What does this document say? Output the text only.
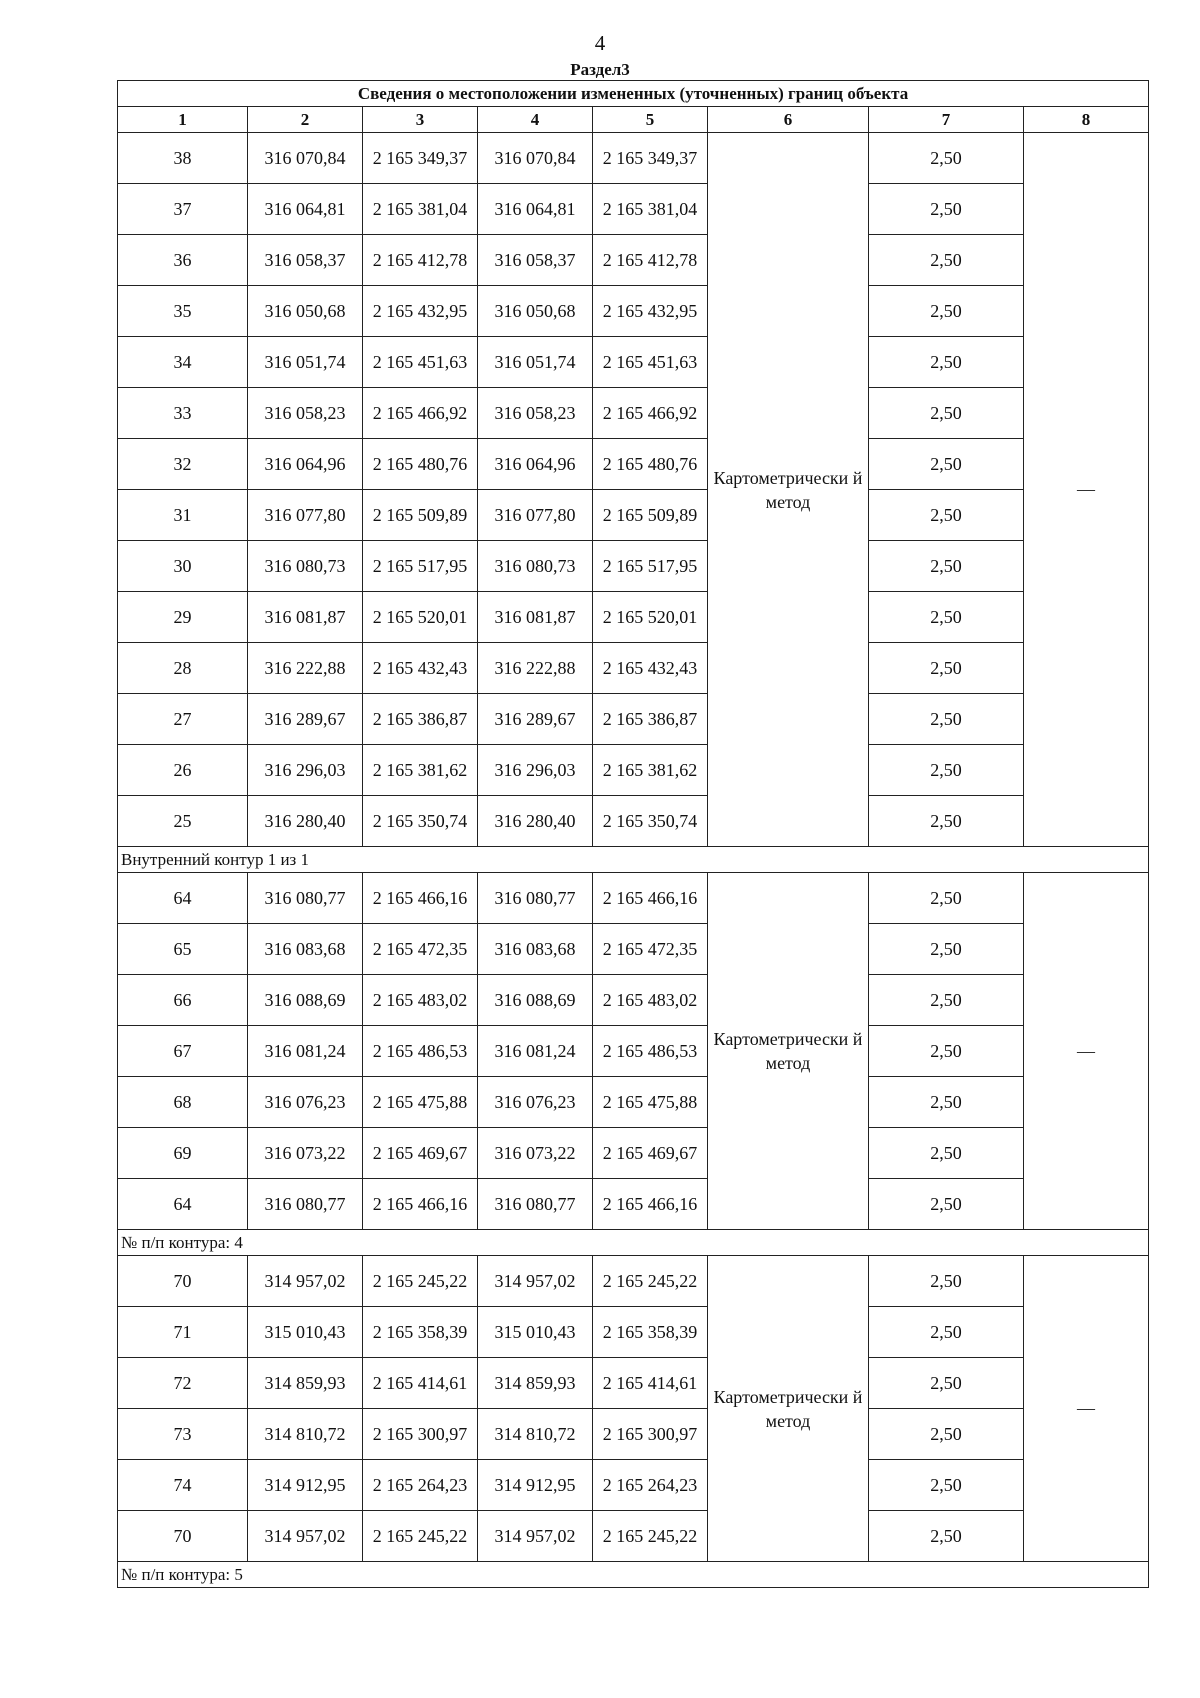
4
Раздел3
Сведения о местоположении измененных (уточненных) границ объекта							
1	2	3	4	5	6	7	8
38	316 070,84	2 165 349,37	316 070,84	2 165 349,37	Картометрически й метод	2,50	—
37	316 064,81	2 165 381,04	316 064,81	2 165 381,04		2,50	
36	316 058,37	2 165 412,78	316 058,37	2 165 412,78		2,50	
35	316 050,68	2 165 432,95	316 050,68	2 165 432,95		2,50	
34	316 051,74	2 165 451,63	316 051,74	2 165 451,63		2,50	
33	316 058,23	2 165 466,92	316 058,23	2 165 466,92		2,50	
32	316 064,96	2 165 480,76	316 064,96	2 165 480,76		2,50	
31	316 077,80	2 165 509,89	316 077,80	2 165 509,89		2,50	
30	316 080,73	2 165 517,95	316 080,73	2 165 517,95		2,50	
29	316 081,87	2 165 520,01	316 081,87	2 165 520,01		2,50	
28	316 222,88	2 165 432,43	316 222,88	2 165 432,43		2,50	
27	316 289,67	2 165 386,87	316 289,67	2 165 386,87		2,50	
26	316 296,03	2 165 381,62	316 296,03	2 165 381,62		2,50	
25	316 280,40	2 165 350,74	316 280,40	2 165 350,74		2,50	
Внутренний контур 1 из 1							
64	316 080,77	2 165 466,16	316 080,77	2 165 466,16	Картометрически й метод	2,50	—
65	316 083,68	2 165 472,35	316 083,68	2 165 472,35		2,50	
66	316 088,69	2 165 483,02	316 088,69	2 165 483,02		2,50	
67	316 081,24	2 165 486,53	316 081,24	2 165 486,53		2,50	
68	316 076,23	2 165 475,88	316 076,23	2 165 475,88		2,50	
69	316 073,22	2 165 469,67	316 073,22	2 165 469,67		2,50	
64	316 080,77	2 165 466,16	316 080,77	2 165 466,16		2,50	
№ п/п контура: 4							
70	314 957,02	2 165 245,22	314 957,02	2 165 245,22	Картометрически й метод	2,50	—
71	315 010,43	2 165 358,39	315 010,43	2 165 358,39		2,50	
72	314 859,93	2 165 414,61	314 859,93	2 165 414,61		2,50	
73	314 810,72	2 165 300,97	314 810,72	2 165 300,97		2,50	
74	314 912,95	2 165 264,23	314 912,95	2 165 264,23		2,50	
70	314 957,02	2 165 245,22	314 957,02	2 165 245,22		2,50	
№ п/п контура: 5							
